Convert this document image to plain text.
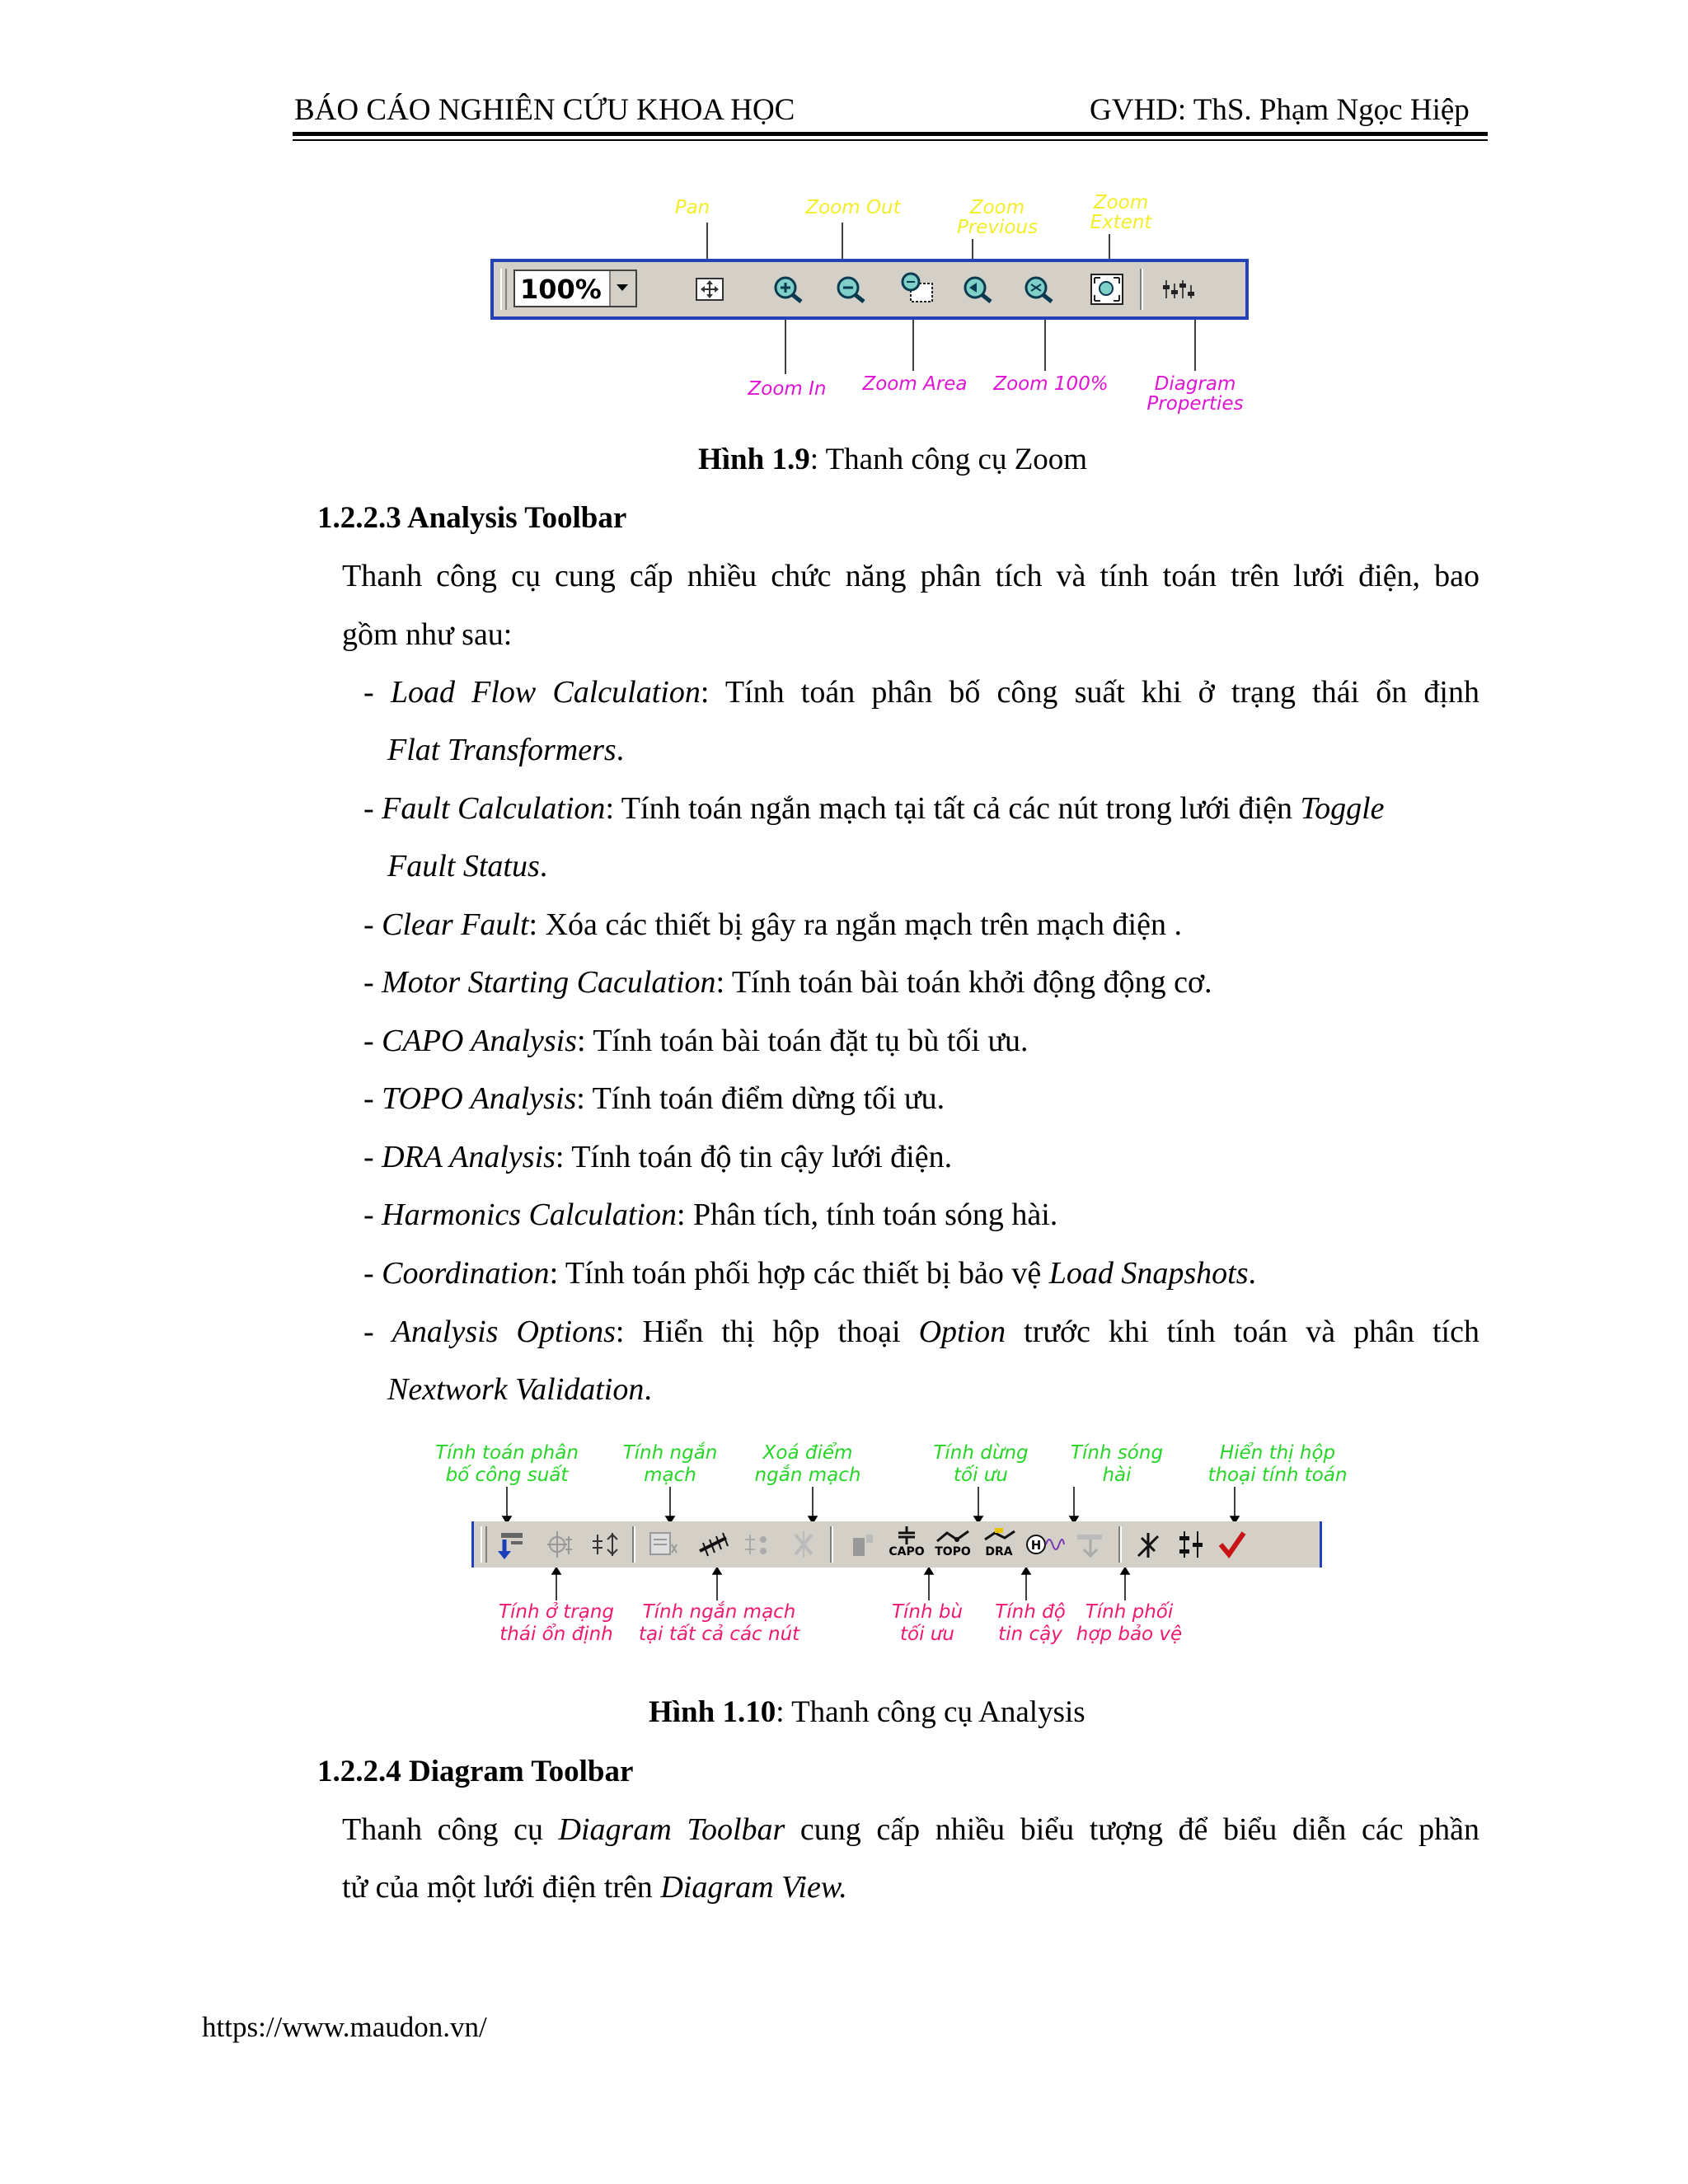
BÁO CÁO NGHIÊN CỨU KHOA HỌC	GVHD: ThS. Phạm Ngọc Hiệp
Pan	Zoom Out	Zoom
Previous
Zoom
Extent
100%
Zoom In	Zoom Area	Zoom 100%	Diagram
Properties
Hình 1.9: Thanh công cụ Zoom
1.2.2.3 Analysis Toolbar
Thanh công cụ cung cấp nhiều chức năng phân tích và tính toán trên lưới điện, bao
gồm như sau:
- Load Flow Calculation: Tính toán phân bố công suất khi ở trạng thái ổn định
Flat Transformers.
- Fault Calculation: Tính toán ngắn mạch tại tất cả các nút trong lưới điện Toggle
Fault Status.
- Clear Fault: Xóa các thiết bị gây ra ngắn mạch trên mạch điện .
- Motor Starting Caculation: Tính toán bài toán khởi động động cơ.
- CAPO Analysis: Tính toán bài toán đặt tụ bù tối ưu.
- TOPO Analysis: Tính toán điểm dừng tối ưu.
- DRA Analysis: Tính toán độ tin cậy lưới điện.
- Harmonics Calculation: Phân tích, tính toán sóng hài.
- Coordination: Tính toán phối hợp các thiết bị bảo vệ Load Snapshots.
- Analysis Options: Hiển thị hộp thoại Option trước khi tính toán và phân tích
Nextwork Validation.
Tính toán phân
bố công suất
Tính ngắn
mạch
Xoá điểm
ngắn mạch
Tính dừng
tối ưu
Tính sóng
hài
Hiển thị hộp
thoại tính toán
CAPO TOPO	DRA	H
Tính ở trạng
thái ổn định
Tính ngắn mạch
tại tất cả các nút
Tính bù
tối ưu
Tính độ
tin cậy
Tính phối
hợp bảo vệ
Hình 1.10: Thanh công cụ Analysis
1.2.2.4 Diagram Toolbar
Thanh công cụ Diagram Toolbar cung cấp nhiều biểu tượng để biểu diễn các phần
tử của một lưới điện trên Diagram View.
https://www.maudon.vn/
